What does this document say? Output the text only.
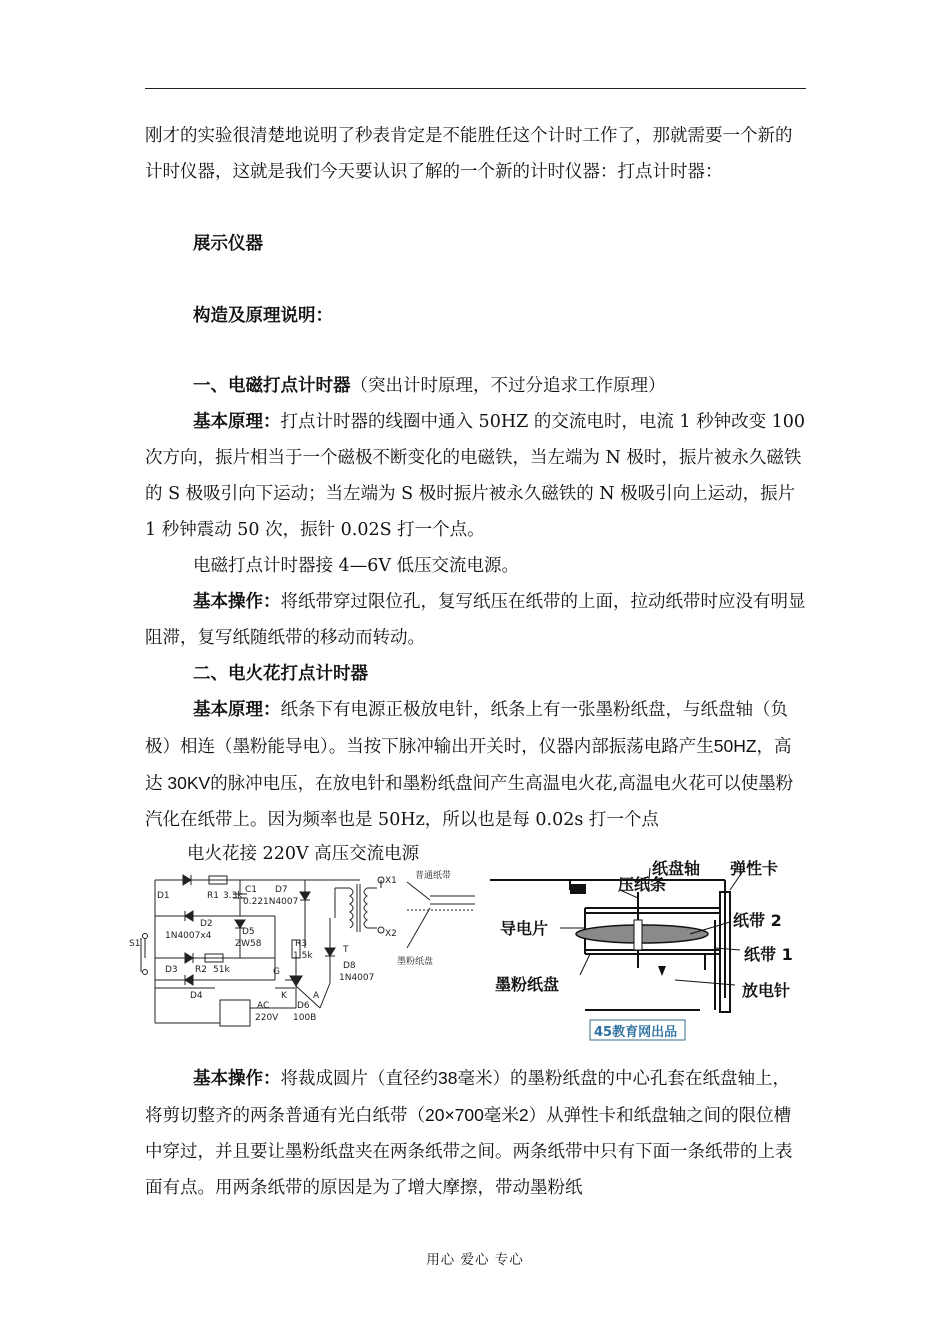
刚才的实验很清楚地说明了秒表肯定是不能胜任这个计时工作了，那就需要一个新的计时仪器，这就是我们今天要认识了解的一个新的计时仪器：打点计时器：

展示仪器

构造及原理说明：

一、电磁打点计时器（突出计时原理，不过分追求工作原理）

基本原理：打点计时器的线圈中通入 50HZ 的交流电时，电流 1 秒钟改变 100 次方向，振片相当于一个磁极不断变化的电磁铁，当左端为 N 极时，振片被永久磁铁的 S 极吸引向下运动；当左端为 S 极时振片被永久磁铁的 N 极吸引向上运动，振片 1 秒钟震动 50 次，振针 0.02S 打一个点。

电磁打点计时器接 4—6V 低压交流电源。

基本操作：将纸带穿过限位孔，复写纸压在纸带的上面，拉动纸带时应没有明显阻滞，复写纸随纸带的移动而转动。

二、电火花打点计时器

基本原理：纸条下有电源正极放电针，纸条上有一张墨粉纸盘，与纸盘轴（负极）相连（墨粉能导电）。当按下脉冲输出开关时，仪器内部振荡电路产生50HZ，高达 30KV的脉冲电压，在放电针和墨粉纸盘间产生高温电火花,高温电火花可以使墨粉汽化在纸带上。因为频率也是 50Hz，所以也是每 0.02s 打一个点

电火花接 220V 高压交流电源
D1	R1 3.3k
C1
0.22
D7
1N4007
X1 普通纸带
D2
1N4007x4	D5
ZW58	R3
1.5k
T
X2
S1
D3 R2 51k	G
K	A
D8
1N4007
D4
D6
100B
AC
220V
墨粉纸盘
纸盘轴 弹性卡
压纸条
导电片	纸带 2
纸带 1
墨粉纸盘	放电针
45教育网出品

基本操作：将裁成圆片（直径约38毫米）的墨粉纸盘的中心孔套在纸盘轴上，将剪切整齐的两条普通有光白纸带（20×700毫米2）从弹性卡和纸盘轴之间的限位槽中穿过，并且要让墨粉纸盘夹在两条纸带之间。两条纸带中只有下面一条纸带的上表面有点。用两条纸带的原因是为了增大摩擦，带动墨粉纸

用心 爱心 专心
